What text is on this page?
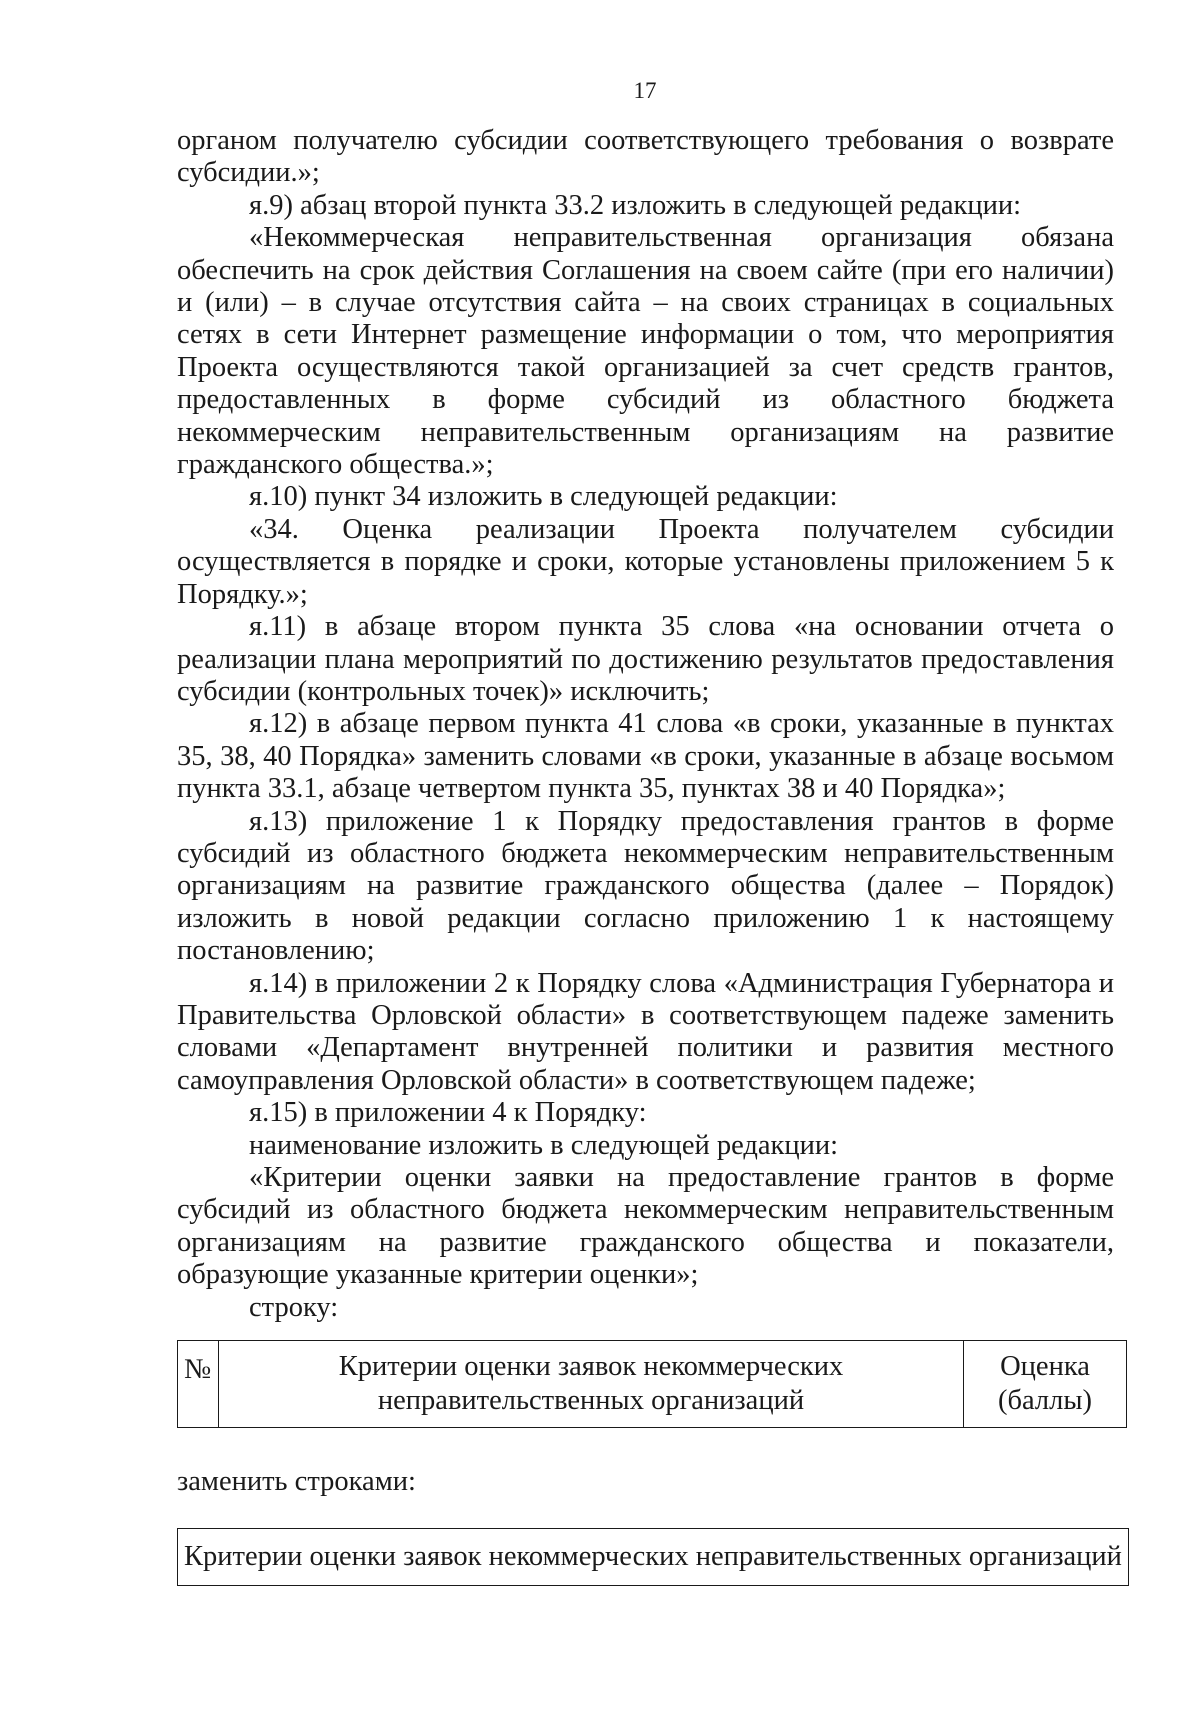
17

органом получателю субсидии соответствующего требования о возврате субсидии.»;

я.9) абзац второй пункта 33.2 изложить в следующей редакции:

«Некоммерческая неправительственная организация обязана обеспечить на срок действия Соглашения на своем сайте (при его наличии) и (или) – в случае отсутствия сайта – на своих страницах в социальных сетях в сети Интернет размещение информации о том, что мероприятия Проекта осуществляются такой организацией за счет средств грантов, предоставленных в форме субсидий из областного бюджета некоммерческим неправительственным организациям на развитие гражданского общества.»;

я.10) пункт 34 изложить в следующей редакции:

«34. Оценка реализации Проекта получателем субсидии осуществляется в порядке и сроки, которые установлены приложением 5 к Порядку.»;

я.11) в абзаце втором пункта 35 слова «на основании отчета о реализации плана мероприятий по достижению результатов предоставления субсидии (контрольных точек)» исключить;

я.12) в абзаце первом пункта 41 слова «в сроки, указанные в пунктах 35, 38, 40 Порядка» заменить словами «в сроки, указанные в абзаце восьмом пункта 33.1, абзаце четвертом пункта 35, пунктах 38 и 40 Порядка»;

я.13) приложение 1 к Порядку предоставления грантов в форме субсидий из областного бюджета некоммерческим неправительственным организациям на развитие гражданского общества (далее – Порядок) изложить в новой редакции согласно приложению 1 к настоящему постановлению;

я.14) в приложении 2 к Порядку слова «Администрация Губернатора и Правительства Орловской области» в соответствующем падеже заменить словами «Департамент внутренней политики и развития местного самоуправления Орловской области» в соответствующем падеже;

я.15) в приложении 4 к Порядку:

наименование изложить в следующей редакции:

«Критерии оценки заявки на предоставление грантов в форме субсидий из областного бюджета некоммерческим неправительственным организациям на развитие гражданского общества и показатели, образующие указанные критерии оценки»;

строку:

№	Критерии оценки заявок некоммерческих неправительственных организаций	Оценка (баллы)
заменить строками:
Критерии оценки заявок некоммерческих неправительственных организаций
